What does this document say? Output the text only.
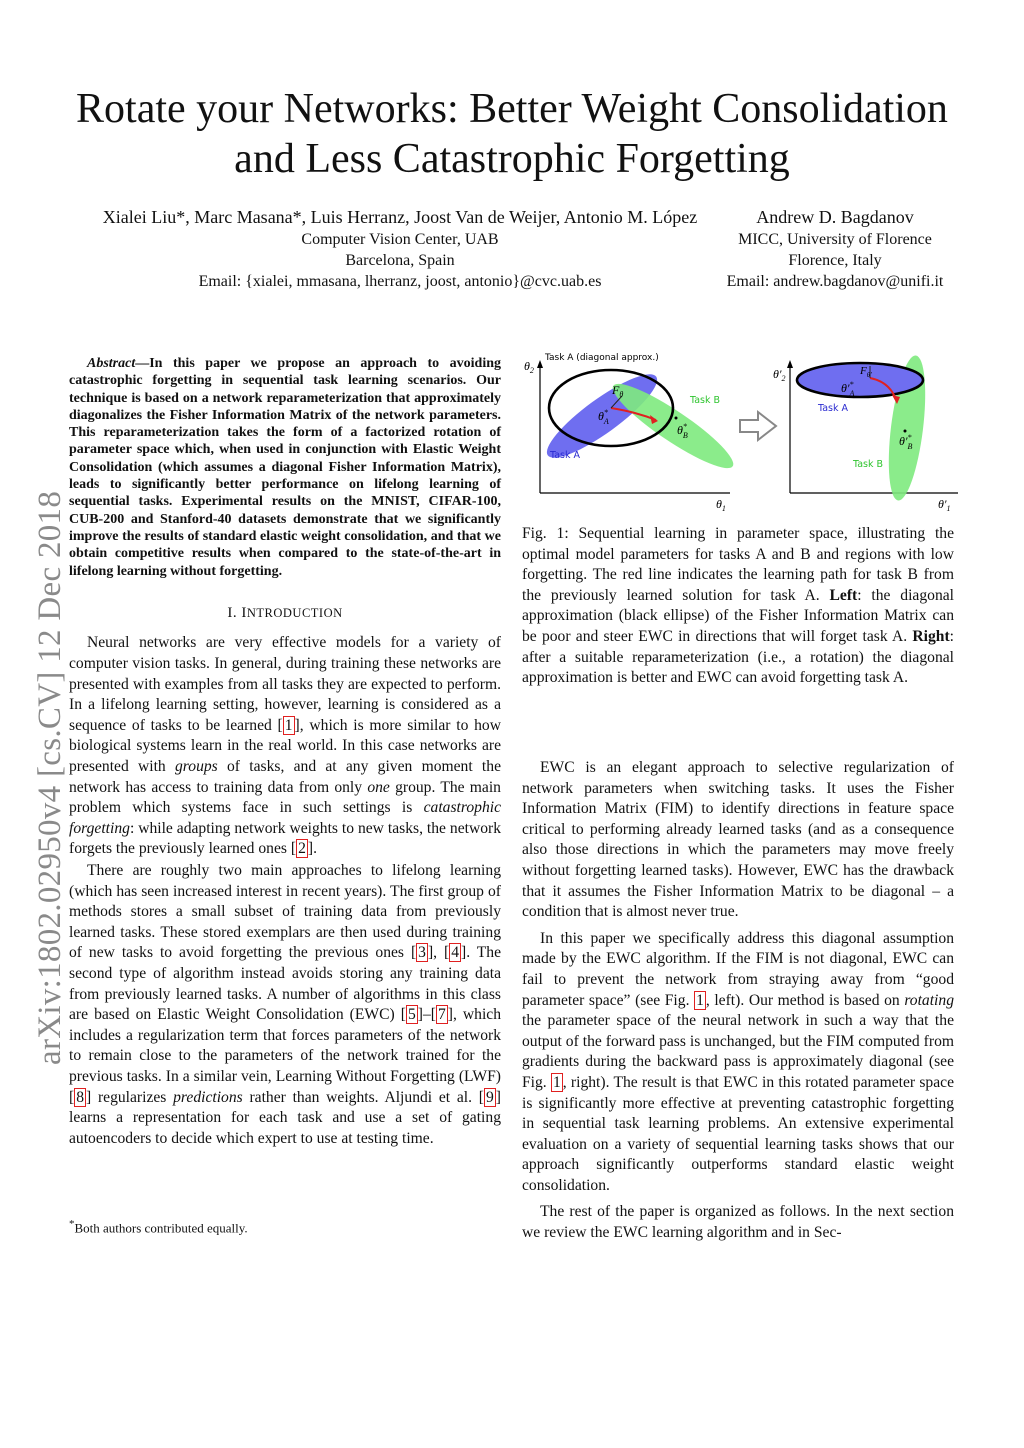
Rotate your Networks: Better Weight Consolidation
and Less Catastrophic Forgetting
Xialei Liu*, Marc Masana*, Luis Herranz, Joost Van de Weijer, Antonio M. López
Computer Vision Center, UAB
Barcelona, Spain
Email: {xialei, mmasana, lherranz, joost, antonio}@cvc.uab.es
Andrew D. Bagdanov
MICC, University of Florence
Florence, Italy
Email: andrew.bagdanov@unifi.it
arXiv:1802.02950v4 [cs.CV] 12 Dec 2018

Abstract—In this paper we propose an approach to avoiding catastrophic forgetting in sequential task learning scenarios. Our technique is based on a network reparameterization that approximately diagonalizes the Fisher Information Matrix of the network parameters. This reparameterization takes the form of a factorized rotation of parameter space which, when used in conjunction with Elastic Weight Consolidation (which assumes a diagonal Fisher Information Matrix), leads to significantly better performance on lifelong learning of sequential tasks. Experimental results on the MNIST, CIFAR-100, CUB-200 and Stanford-40 datasets demonstrate that we significantly improve the results of standard elastic weight consolidation, and that we obtain competitive results when compared to the state-of-the-art in lifelong learning without forgetting.

I. INTRODUCTION

Neural networks are very effective models for a variety of computer vision tasks. In general, during training these networks are presented with examples from all tasks they are expected to perform. In a lifelong learning setting, however, learning is considered as a sequence of tasks to be learned [ 1 ], which is more similar to how biological systems learn in the real world. In this case networks are presented with groups of tasks, and at any given moment the network has access to training data from only one group. The main problem which systems face in such settings is catastrophic forgetting: while adapting network weights to new tasks, the network forgets the previously learned ones [ 2 ].

There are roughly two main approaches to lifelong learning (which has seen increased interest in recent years). The first group of methods stores a small subset of training data from previously learned tasks. These stored exemplars are then used during training of new tasks to avoid forgetting the previous ones [ 3 ], [ 4 ]. The second type of algorithm instead avoids storing any training data from previously learned tasks. A number of algorithms in this class are based on Elastic Weight Consolidation (EWC) [ 5 ]–[ 7 ], which includes a regularization term that forces parameters of the network to remain close to the parameters of the network trained for the previous tasks. In a similar vein, Learning Without Forgetting (LWF) [ 8 ] regularizes predictions rather than weights. Aljundi et al. [ 9 ] learns a representation for each task and use a set of gating autoencoders to decide which expert to use at testing time.

*Both authors contributed equally.
Task A (diagonal approx.)
Task A
Task B
$\theta_2$
$\theta_1$
$F_\theta$
θ* A
θ* B
Task A
Task B
$\theta'_2$
$\theta'_1$
$F_{\theta'}$
θ′* A
θ′* B

Fig. 1: Sequential learning in parameter space, illustrating the optimal model parameters for tasks A and B and regions with low forgetting. The red line indicates the learning path for task B from the previously learned solution for task A. Left: the diagonal approximation (black ellipse) of the Fisher Information Matrix can be poor and steer EWC in directions that will forget task A. Right: after a suitable reparameterization (i.e., a rotation) the diagonal approximation is better and EWC can avoid forgetting task A.

EWC is an elegant approach to selective regularization of network parameters when switching tasks. It uses the Fisher Information Matrix (FIM) to identify directions in feature space critical to performing already learned tasks (and as a consequence also those directions in which the parameters may move freely without forgetting learned tasks). However, EWC has the drawback that it assumes the Fisher Information Matrix to be diagonal – a condition that is almost never true.

In this paper we specifically address this diagonal assumption made by the EWC algorithm. If the FIM is not diagonal, EWC can fail to prevent the network from straying away from “good parameter space” (see Fig. 1 , left). Our method is based on rotating the parameter space of the neural network in such a way that the output of the forward pass is unchanged, but the FIM computed from gradients during the backward pass is approximately diagonal (see Fig. 1 , right). The result is that EWC in this rotated parameter space is significantly more effective at preventing catastrophic forgetting in sequential task learning problems. An extensive experimental evaluation on a variety of sequential learning tasks shows that our approach significantly outperforms standard elastic weight consolidation.

The rest of the paper is organized as follows. In the next section we review the EWC learning algorithm and in Sec-
